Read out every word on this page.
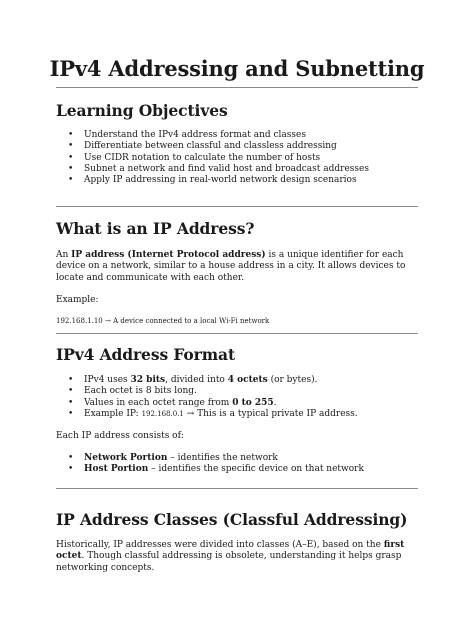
IPv4 Addressing and Subnetting
Learning Objectives
• Understand the IPv4 address format and classes
• Differentiate between classful and classless addressing
• Use CIDR notation to calculate the number of hosts
• Subnet a network and find valid host and broadcast addresses
• Apply IP addressing in real-world network design scenarios
What is an IP Address?

An IP address (Internet Protocol address) is a unique identifier for each device on a network, similar to a house address in a city. It allows devices to locate and communicate with each other.

Example:

192.168.1.10 → A device connected to a local Wi-Fi network

IPv4 Address Format
• IPv4 uses 32 bits, divided into 4 octets (or bytes).
• Each octet is 8 bits long.
• Values in each octet range from 0 to 255.
• Example IP: 192.168.0.1 → This is a typical private IP address.

Each IP address consists of:

• Network Portion – identifies the network
• Host Portion – identifies the specific device on that network
IP Address Classes (Classful Addressing)

Historically, IP addresses were divided into classes (A–E), based on the first octet. Though classful addressing is obsolete, understanding it helps grasp networking concepts.
